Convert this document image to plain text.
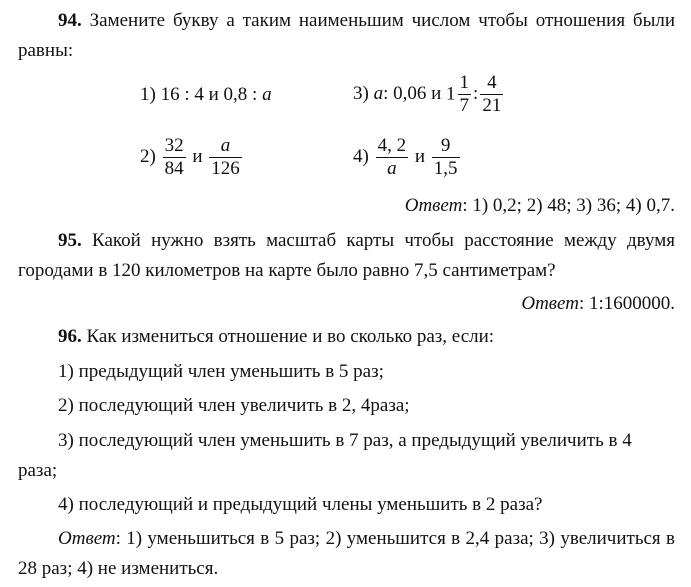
94. Замените букву а таким наименьшим числом чтобы отношения были
равны:
1) 16 : 4 и 0,8 : a	3) a: 0,06 и $1 \frac{1}{7}$ : $\frac{4}{21}$
$2) \frac{32}{84}$ и $\frac{a}{126}$	$4) \frac{4, 2}{a}$ и $\frac{9}{1,5}$
Ответ: 1) 0,2; 2) 48; 3) 36; 4) 0,7.
95. Какой нужно взять масштаб карты чтобы расстояние между двумя
городами в 120 километров на карте было равно 7,5 сантиметрам?
Ответ: 1:1600000.
96. Как измениться отношение и во сколько раз, если:
1) предыдущий член уменьшить в 5 раз;
2) последующий член увеличить в 2, 4раза;
3) последующий член уменьшить в 7 раз, а предыдущий увеличить в 4
раза;
4) последующий и предыдущий члены уменьшить в 2 раза?
Ответ: 1) уменьшиться в 5 раз; 2) уменьшится в 2,4 раза; 3) увеличиться в
28 раз; 4) не измениться.
